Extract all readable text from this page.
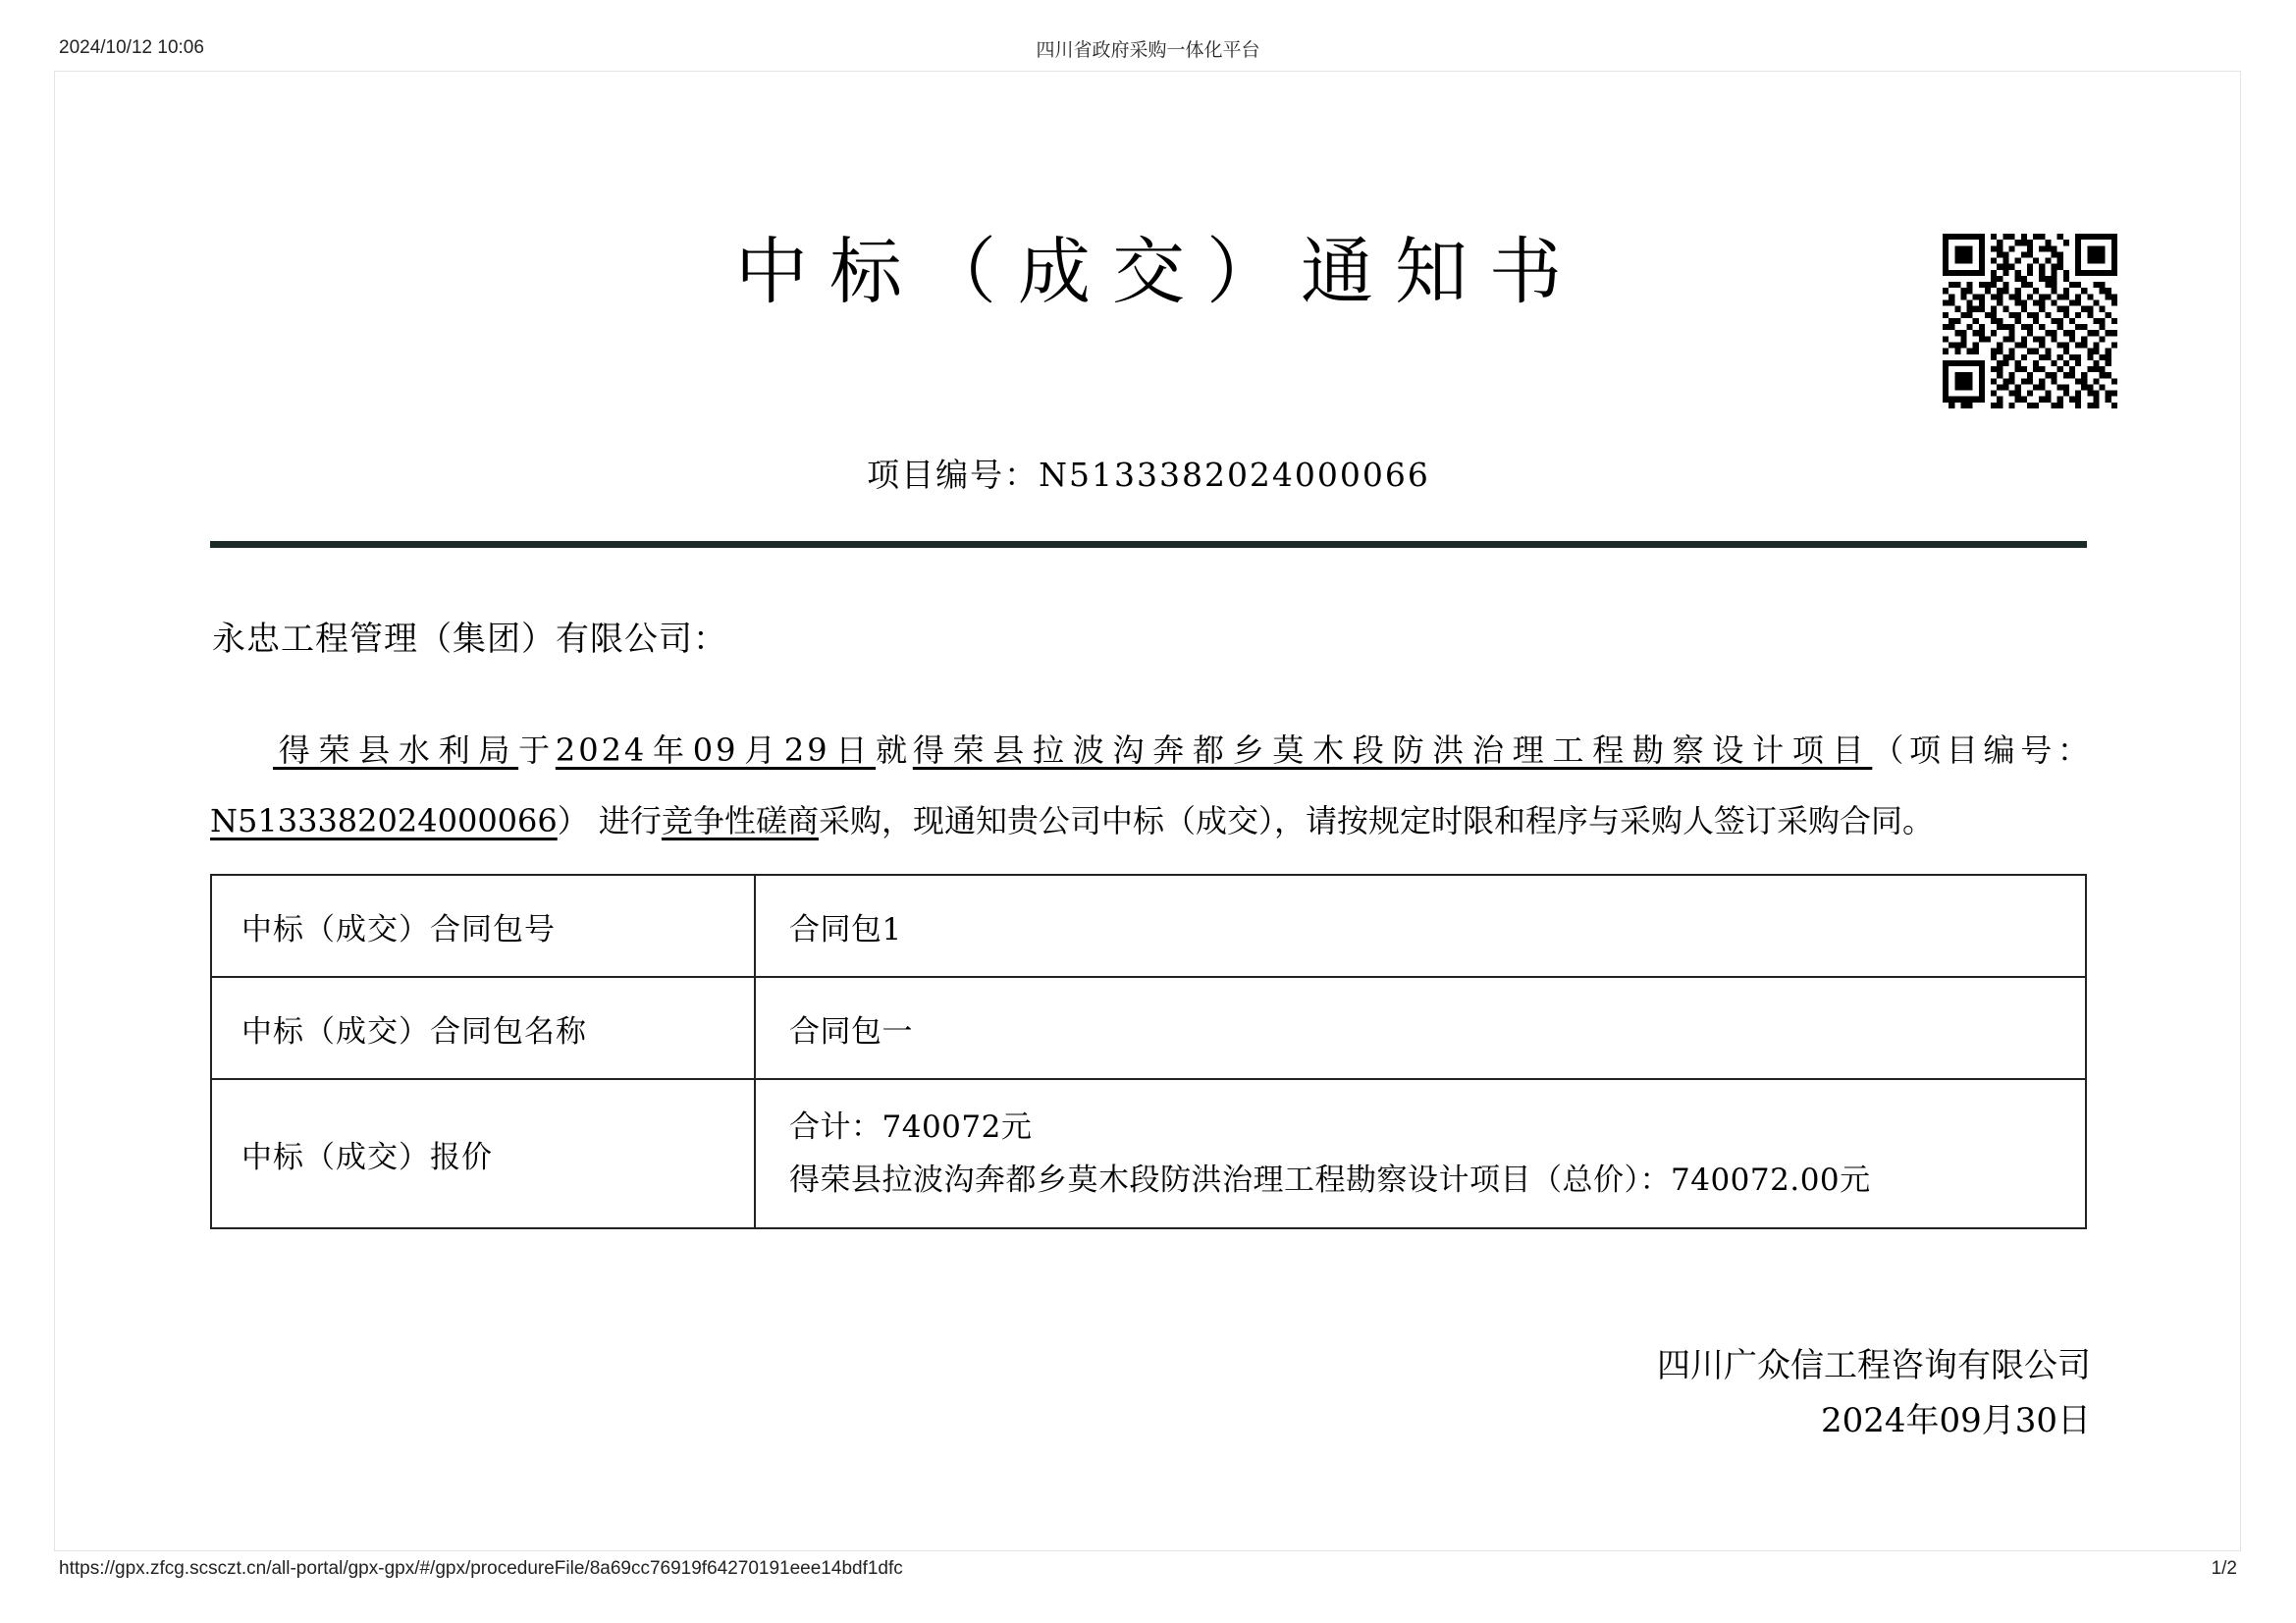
2024/10/12 10:06	四川省政府采购一体化平台
中标（成交）通知书
项目编号：N5133382024000066
永忠工程管理（集团）有限公司：
得荣县水利局于2024年09月29日就得荣县拉波沟奔都乡莫木段防洪治理工程勘察设计项目（项目编号：N5133382024000066） 进行竞争性磋商采购，现通知贵公司中标（成交），请按规定时限和程序与采购人签订采购合同。
中标（成交）合同包号	合同包1
中标（成交）合同包名称	合同包一
中标（成交）报价	合计：740072元
得荣县拉波沟奔都乡莫木段防洪治理工程勘察设计项目（总价）：740072.00元
四川广众信工程咨询有限公司
2024年09月30日
https://gpx.zfcg.scsczt.cn/all-portal/gpx-gpx/#/gpx/procedureFile/8a69cc76919f64270191eee14bdf1dfc	1/2
